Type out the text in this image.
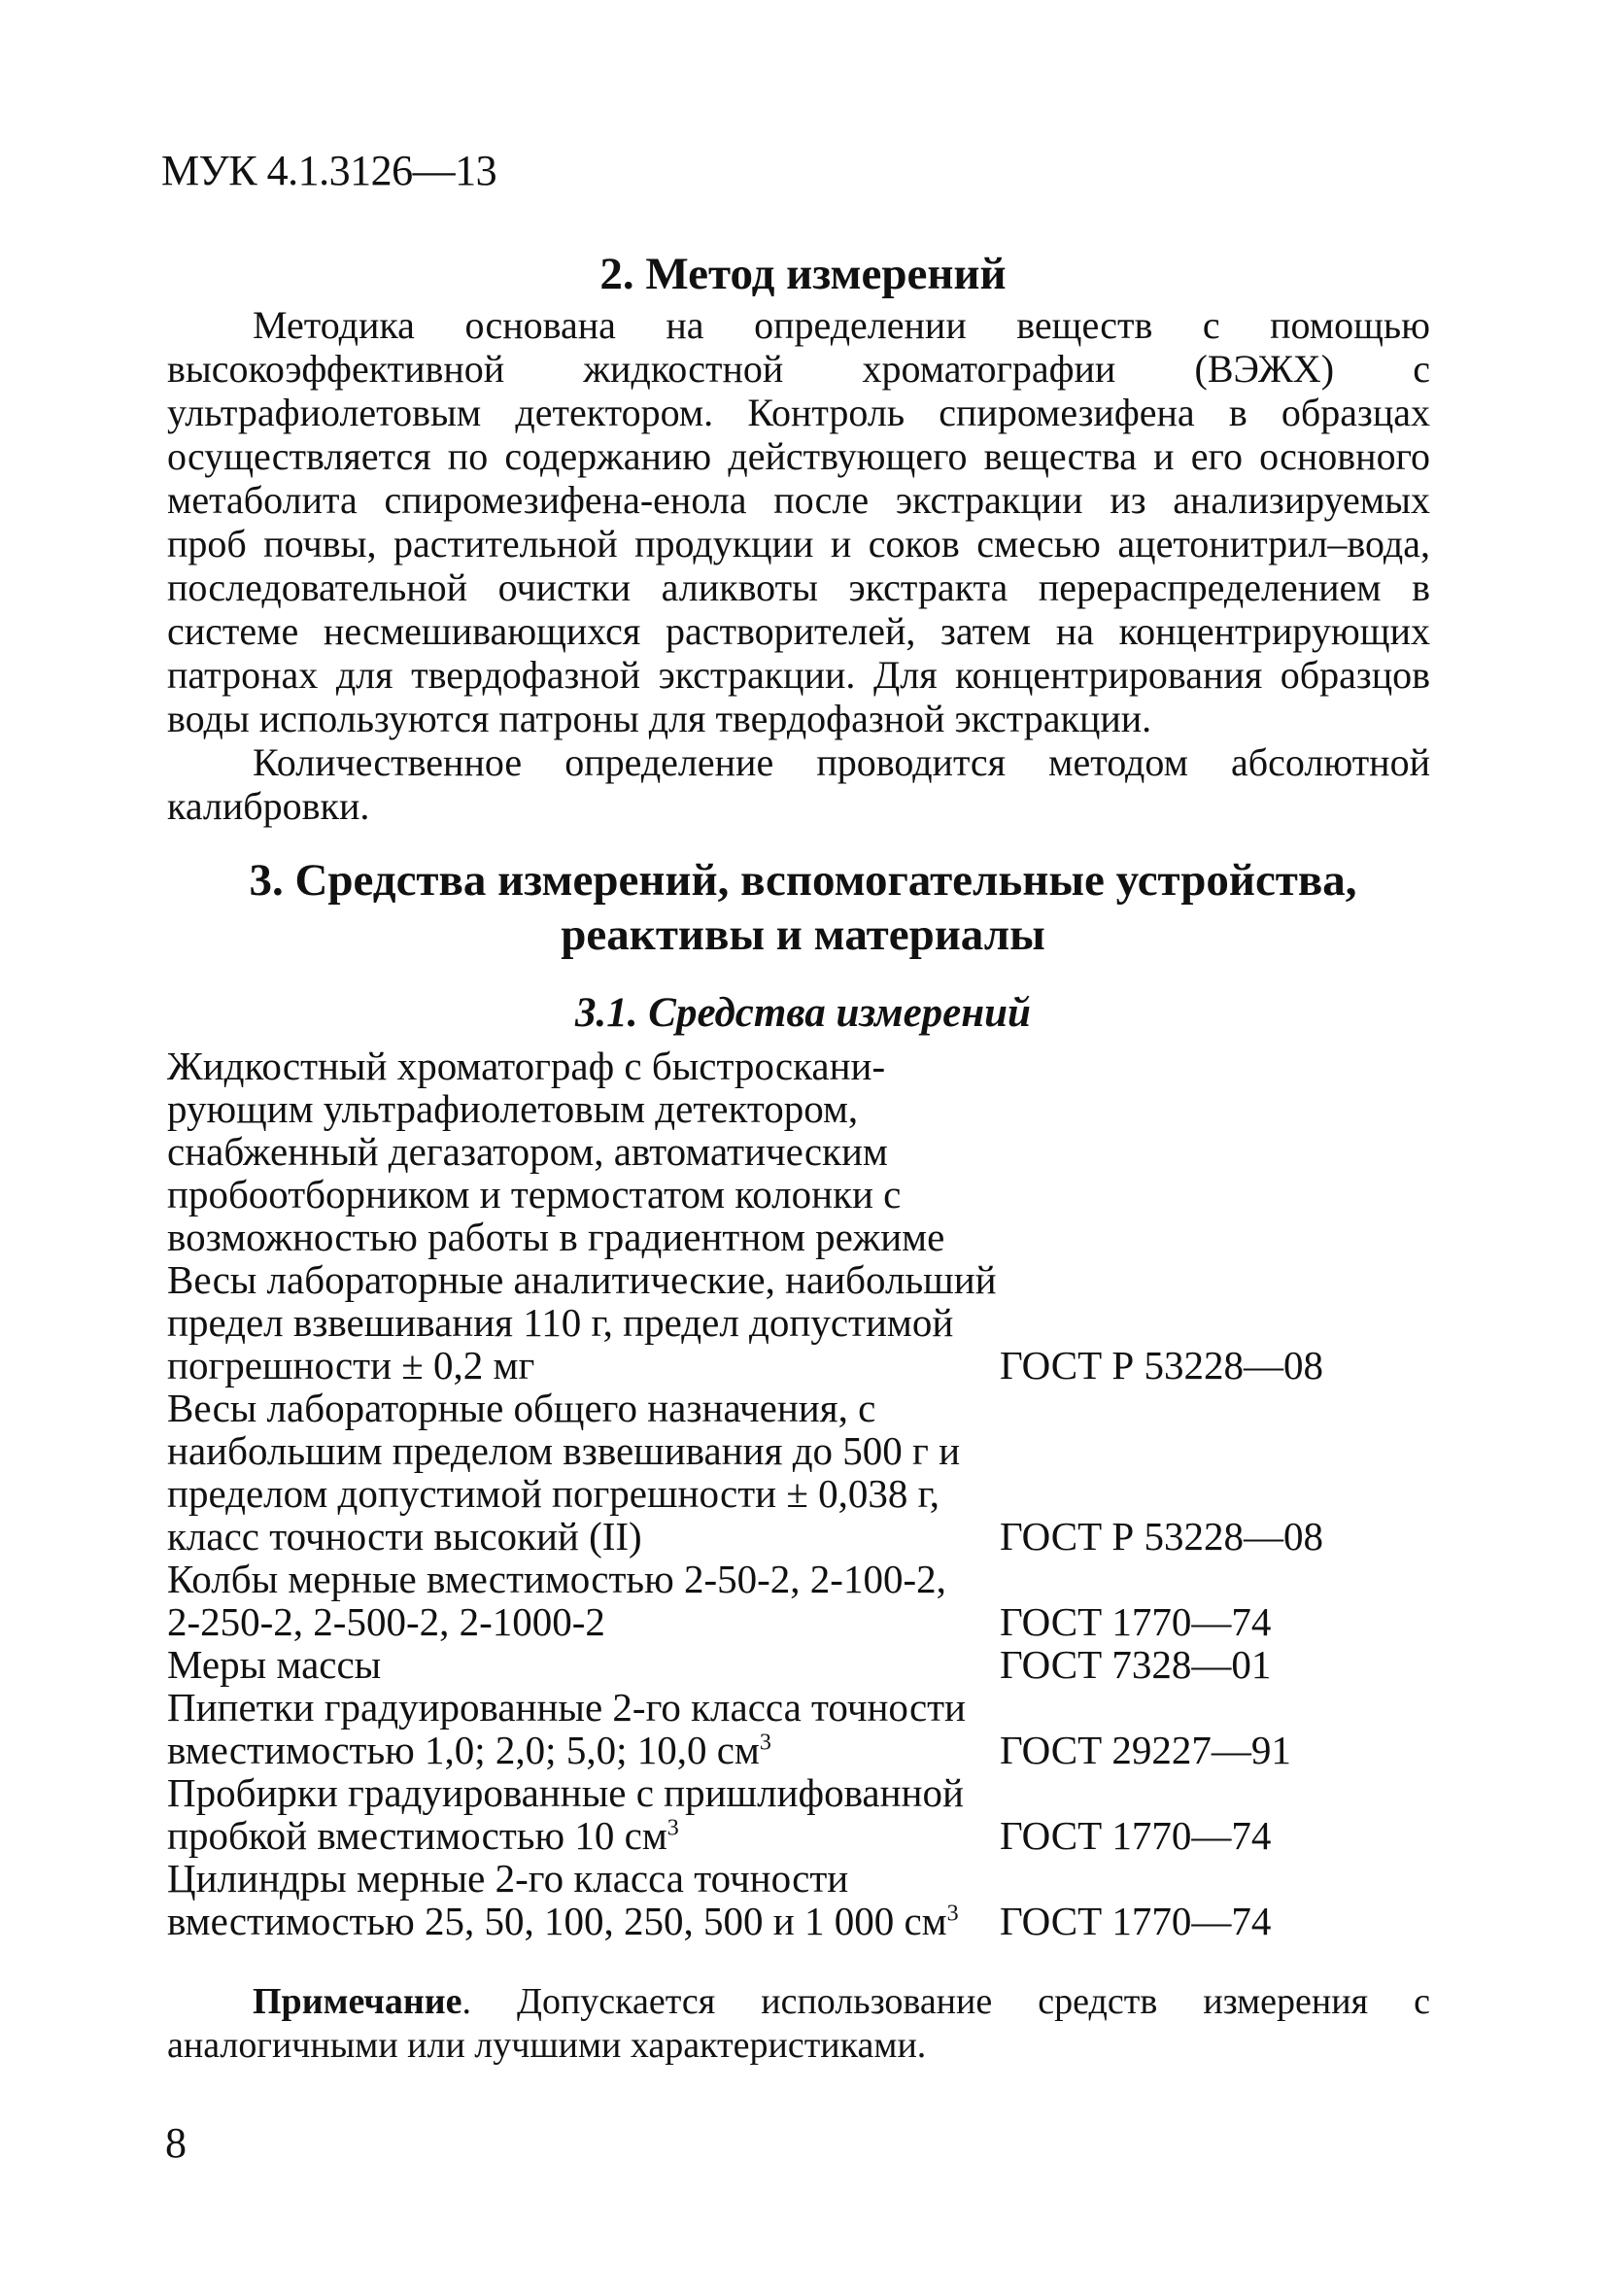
МУК 4.1.3126—13
2. Метод измерений

Методика основана на определении веществ с помощью высокоэффективной жидкостной хроматографии (ВЭЖХ) с ультрафиолетовым детектором. Контроль спиромезифена в образцах осуществляется по содержанию действующего вещества и его основного метаболита спиромезифена-енола после экстракции из анализируемых проб почвы, растительной продукции и соков смесью ацетонитрил–вода, последовательной очистки аликвоты экстракта перераспределением в системе несмешивающихся растворителей, затем на концентрирующих патронах для твердофазной экстракции. Для концентрирования образцов воды используются патроны для твердофазной экстракции.

Количественное определение проводится методом абсолютной калибровки.

3. Средства измерений, вспомогательные устройства,
реактивы и материалы
3.1. Средства измерений
Жидкостный хроматограф с быстроскани-
рующим ультрафиолетовым детектором,
снабженный дегазатором, автоматическим
пробоотборником и термостатом колонки с
возможностью работы в градиентном режиме
Весы лабораторные аналитические, наибольший
предел взвешивания 110 г, предел допустимой
погрешности ± 0,2 мг	ГОСТ Р 53228—08
Весы лабораторные общего назначения, с
наибольшим пределом взвешивания до 500 г и
пределом допустимой погрешности ± 0,038 г,
класс точности высокий (II)	ГОСТ Р 53228—08
Колбы мерные вместимостью 2-50-2, 2-100-2,
2-250-2, 2-500-2, 2-1000-2	ГОСТ 1770—74
Меры массы	ГОСТ 7328—01
Пипетки градуированные 2-го класса точности
вместимостью 1,0; 2,0; 5,0; 10,0 $см^3$	ГОСТ 29227—91
Пробирки градуированные с пришлифованной
пробкой вместимостью 10 $см^3$	ГОСТ 1770—74
Цилиндры мерные 2-го класса точности
вместимостью 25, 50, 100, 250, 500 и 1 000 $см^3$	ГОСТ 1770—74

Примечание. Допускается использование средств измерения с аналогичными или лучшими характеристиками.

8
